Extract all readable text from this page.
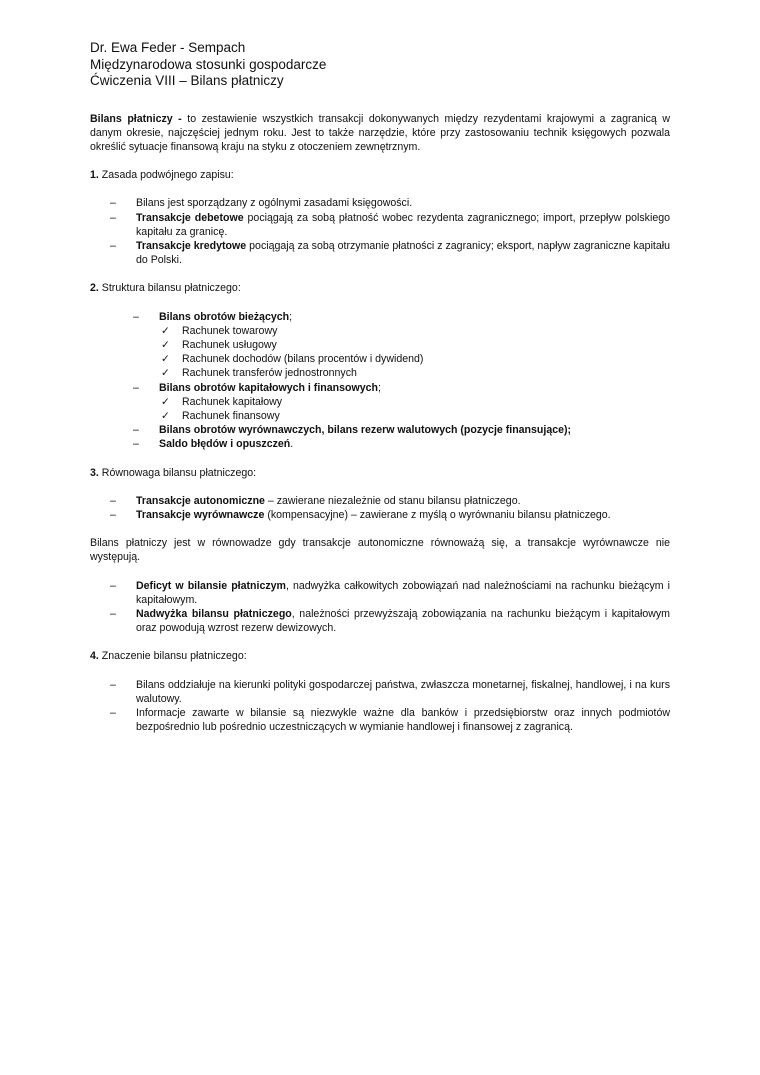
Dr. Ewa Feder - Sempach
Międzynarodowa stosunki gospodarcze
Ćwiczenia VIII – Bilans płatniczy

Bilans płatniczy - to zestawienie wszystkich transakcji dokonywanych między rezydentami krajowymi a zagranicą w danym okresie, najczęściej jednym roku. Jest to także narzędzie, które przy zastosowaniu technik księgowych pozwala określić sytuacje finansową kraju na styku z otoczeniem zewnętrznym.

1. Zasada podwójnego zapisu:
– Bilans jest sporządzany z ogólnymi zasadami księgowości.
– Transakcje debetowe pociągają za sobą płatność wobec rezydenta zagranicznego; import, przepływ polskiego kapitału za granicę.
– Transakcje kredytowe pociągają za sobą otrzymanie płatności z zagranicy; eksport, napływ zagraniczne kapitału do Polski.
2. Struktura bilansu płatniczego:
– Bilans obrotów bieżących;
✓ Rachunek towarowy
✓ Rachunek usługowy
✓ Rachunek dochodów (bilans procentów i dywidend)
✓ Rachunek transferów jednostronnych
– Bilans obrotów kapitałowych i finansowych;
✓ Rachunek kapitałowy
✓ Rachunek finansowy
– Bilans obrotów wyrównawczych, bilans rezerw walutowych (pozycje finansujące);
– Saldo błędów i opuszczeń.
3. Równowaga bilansu płatniczego:
– Transakcje autonomiczne – zawierane niezależnie od stanu bilansu płatniczego.
– Transakcje wyrównawcze (kompensacyjne) – zawierane z myślą o wyrównaniu bilansu płatniczego.

Bilans płatniczy jest w równowadze gdy transakcje autonomiczne równoważą się, a transakcje wyrównawcze nie występują.

– Deficyt w bilansie płatniczym, nadwyżka całkowitych zobowiązań nad należnościami na rachunku bieżącym i kapitałowym.
– Nadwyżka bilansu płatniczego, należności przewyższają zobowiązania na rachunku bieżącym i kapitałowym oraz powodują wzrost rezerw dewizowych.
4. Znaczenie bilansu płatniczego:
– Bilans oddziałuje na kierunki polityki gospodarczej państwa, zwłaszcza monetarnej, fiskalnej, handlowej, i na kurs walutowy.
– Informacje zawarte w bilansie są niezwykle ważne dla banków i przedsiębiorstw oraz innych podmiotów bezpośrednio lub pośrednio uczestniczących w wymianie handlowej i finansowej z zagranicą.
